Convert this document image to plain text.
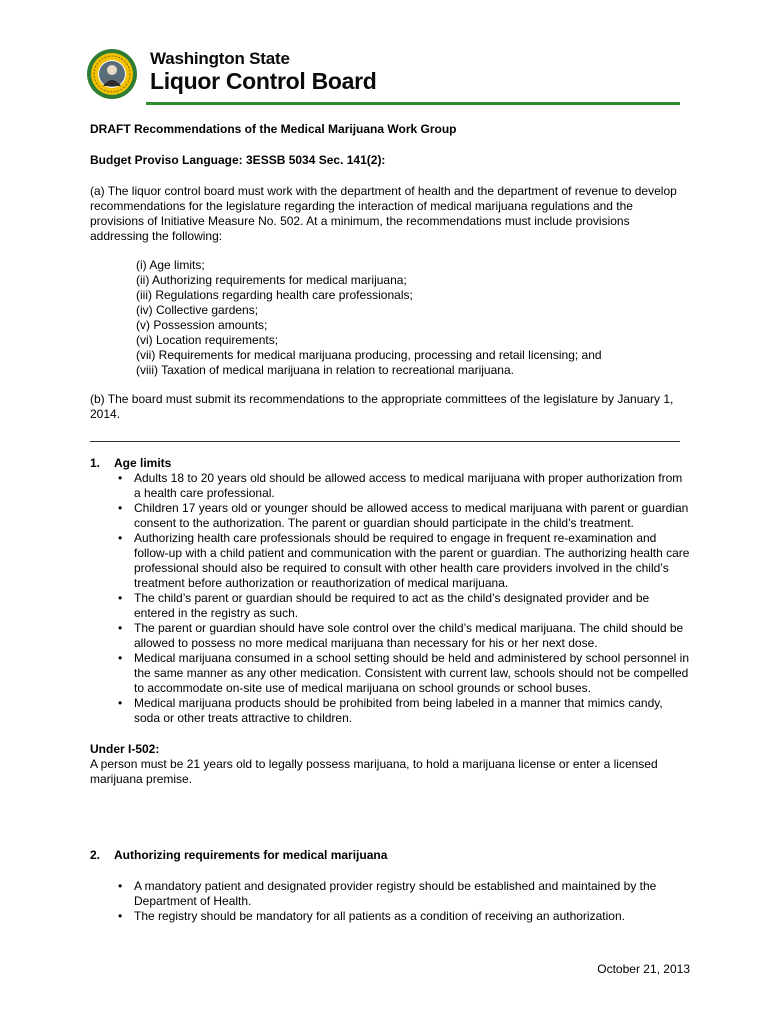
Washington State
Liquor Control Board

DRAFT Recommendations of the Medical Marijuana Work Group

Budget Proviso Language: 3ESSB 5034 Sec. 141(2):

(a) The liquor control board must work with the department of health and the department of revenue to develop recommendations for the legislature regarding the interaction of medical marijuana regulations and the provisions of Initiative Measure No. 502. At a minimum, the recommendations must include provisions addressing the following:

(i) Age limits;
(ii) Authorizing requirements for medical marijuana;
(iii) Regulations regarding health care professionals;
(iv) Collective gardens;
(v) Possession amounts;
(vi) Location requirements;
(vii) Requirements for medical marijuana producing, processing and retail licensing; and
(viii) Taxation of medical marijuana in relation to recreational marijuana.

(b) The board must submit its recommendations to the appropriate committees of the legislature by January 1, 2014.

1. Age limits

• Adults 18 to 20 years old should be allowed access to medical marijuana with proper authorization from a health care professional.
• Children 17 years old or younger should be allowed access to medical marijuana with parent or guardian consent to the authorization. The parent or guardian should participate in the child’s treatment.
• Authorizing health care professionals should be required to engage in frequent re-examination and follow-up with a child patient and communication with the parent or guardian. The authorizing health care professional should also be required to consult with other health care providers involved in the child’s treatment before authorization or reauthorization of medical marijuana.
• The child’s parent or guardian should be required to act as the child’s designated provider and be entered in the registry as such.
• The parent or guardian should have sole control over the child’s medical marijuana. The child should be allowed to possess no more medical marijuana than necessary for his or her next dose.
• Medical marijuana consumed in a school setting should be held and administered by school personnel in the same manner as any other medication. Consistent with current law, schools should not be compelled to accommodate on-site use of medical marijuana on school grounds or school buses.
• Medical marijuana products should be prohibited from being labeled in a manner that mimics candy, soda or other treats attractive to children.

Under I-502:

A person must be 21 years old to legally possess marijuana, to hold a marijuana license or enter a licensed marijuana premise.

2. Authorizing requirements for medical marijuana

• A mandatory patient and designated provider registry should be established and maintained by the Department of Health.
• The registry should be mandatory for all patients as a condition of receiving an authorization.
October 21, 2013
